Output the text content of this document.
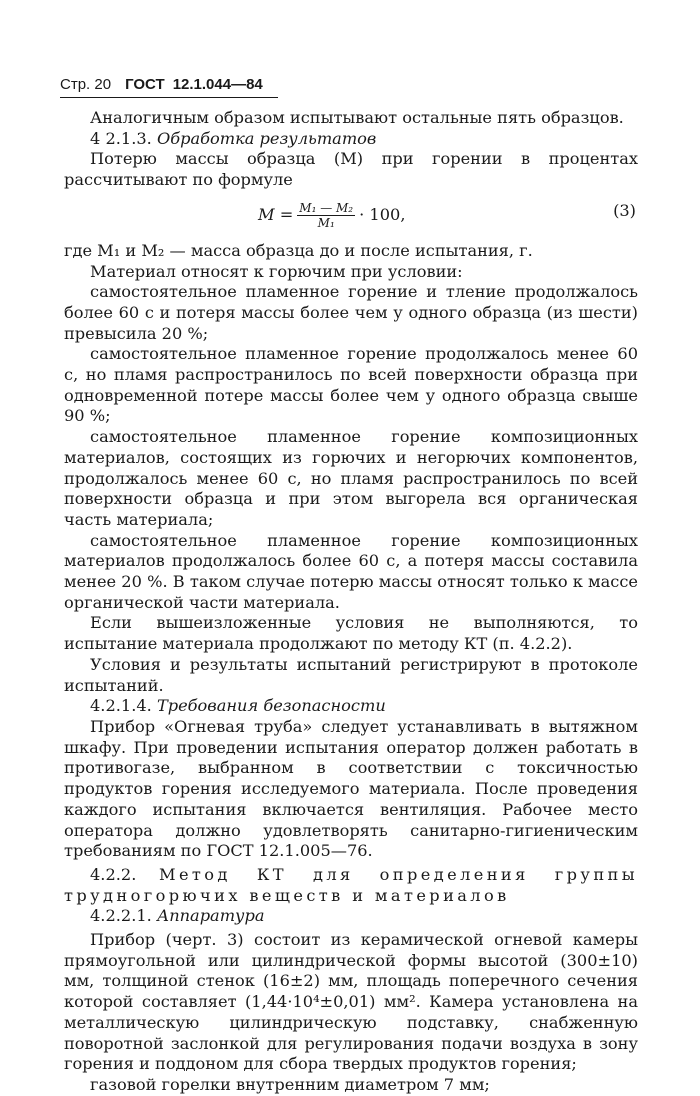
Стр. 20 ГОСТ 12.1.044—84

Аналогичным образом испытывают остальные пять образцов.

4 2.1.3. Обработка результатов

Потерю массы образца (M) при горении в процентах рассчитывают по формуле

$M = \frac{\text{M₁ — M₂}}{\text{M₁}} \cdot 100$,	(3)

где M₁ и M₂ — масса образца до и после испытания, г.

Материал относят к горючим при условии:

самостоятельное пламенное горение и тление продолжалось более 60 с и потеря массы более чем у одного образца (из шести) превысила 20 %;

самостоятельное пламенное горение продолжалось менее 60 с, но пламя распространилось по всей поверхности образца при одновременной потере массы более чем у одного образца свыше 90 %;

самостоятельное пламенное горение композиционных материалов, состоящих из горючих и негорючих компонентов, продолжалось менее 60 с, но пламя распространилось по всей поверхности образца и при этом выгорела вся органическая часть материала;

самостоятельное пламенное горение композиционных материалов продолжалось более 60 с, а потеря массы составила менее 20 %. В таком случае потерю массы относят только к массе органической части материала.

Если вышеизложенные условия не выполняются, то испытание материала продолжают по методу КТ (п. 4.2.2).

Условия и результаты испытаний регистрируют в протоколе испытаний.

4.2.1.4. Требования безопасности

Прибор «Огневая труба» следует устанавливать в вытяжном шкафу. При проведении испытания оператор должен работать в противогазе, выбранном в соответствии с токсичностью продуктов горения исследуемого материала. После проведения каждого испытания включается вентиляция. Рабочее место оператора должно удовлетворять санитарно-гигиеническим требованиям по ГОСТ 12.1.005—76.

4.2.2. Метод КТ для определения группы трудногорючих веществ и материалов

4.2.2.1. Аппаратура

Прибор (черт. 3) состоит из керамической огневой камеры прямоугольной или цилиндрической формы высотой (300±10) мм, толщиной стенок (16±2) мм, площадь поперечного сечения которой составляет (1,44·10⁴±0,01) мм². Камера установлена на металлическую цилиндрическую подставку, снабженную поворотной заслонкой для регулирования подачи воздуха в зону горения и поддоном для сбора твердых продуктов горения;

газовой горелки внутренним диаметром 7 мм;
